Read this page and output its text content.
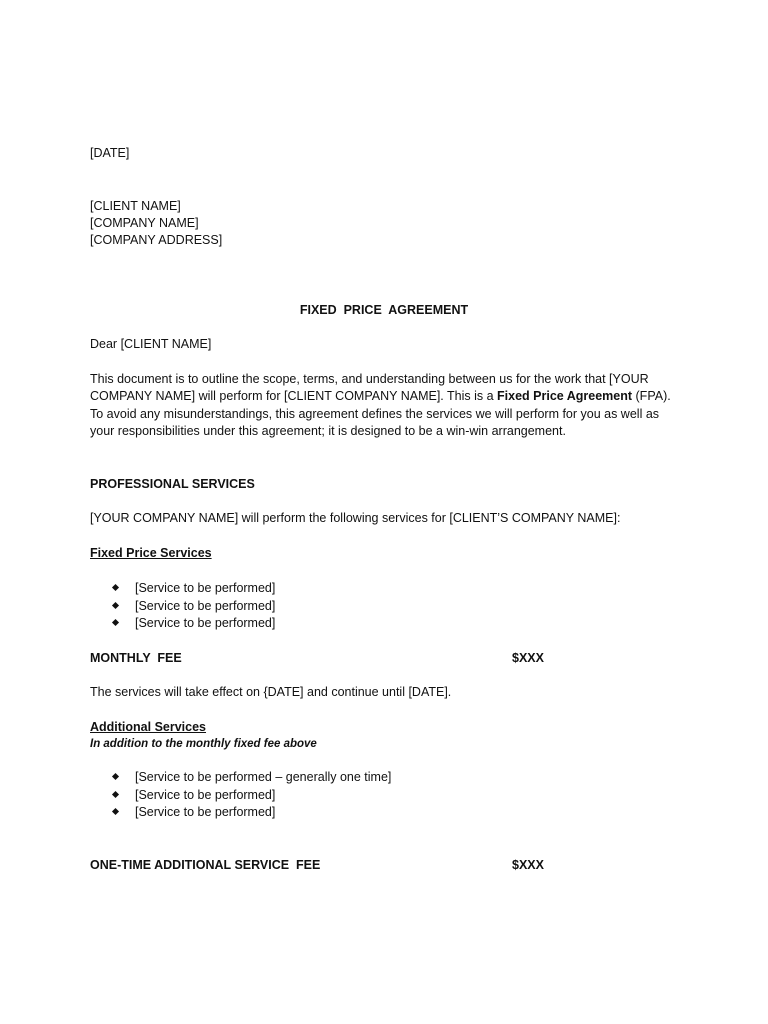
[DATE]
[CLIENT NAME]
[COMPANY NAME]
[COMPANY ADDRESS]
FIXED  PRICE  AGREEMENT
Dear [CLIENT NAME]
This document is to outline the scope, terms, and understanding between us for the work that [YOUR COMPANY NAME] will perform for [CLIENT COMPANY NAME]. This is a Fixed Price Agreement (FPA). To avoid any misunderstandings, this agreement defines the services we will perform for you as well as your responsibilities under this agreement; it is designed to be a win-win arrangement.
PROFESSIONAL SERVICES
[YOUR COMPANY NAME] will perform the following services for [CLIENT’S COMPANY NAME]:
Fixed Price Services
[Service to be performed]
[Service to be performed]
[Service to be performed]
MONTHLY  FEE	$XXX
The services will take effect on {DATE] and continue until [DATE].
Additional Services
In addition to the monthly fixed fee above
[Service to be performed – generally one time]
[Service to be performed]
[Service to be performed]
ONE-TIME ADDITIONAL SERVICE  FEE	$XXX
